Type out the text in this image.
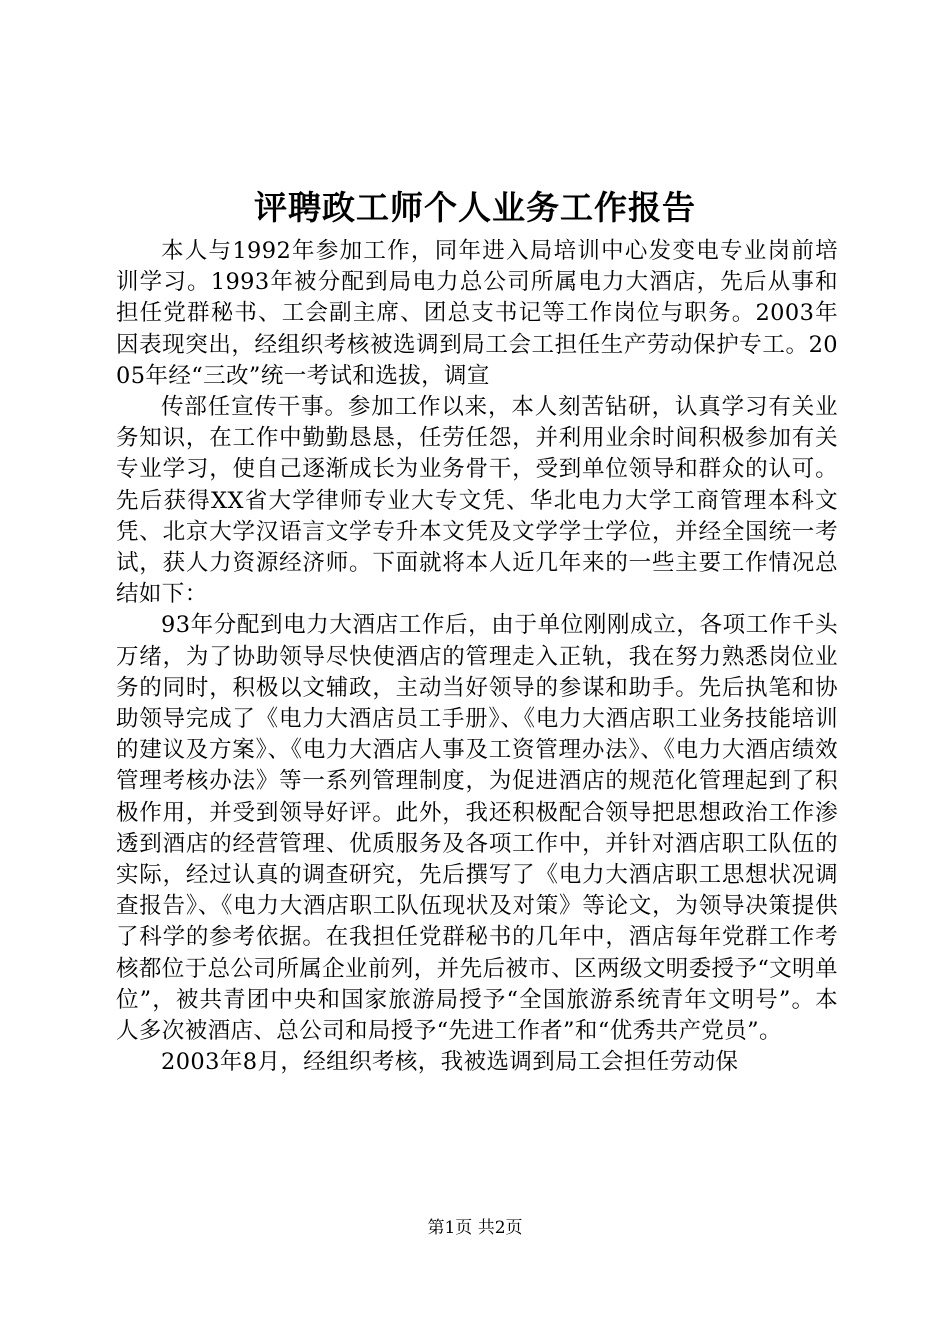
评聘政工师个人业务工作报告

本人与1992年参加工作，同年进入局培训中心发变电专业岗前培训学习。1993年被分配到局电力总公司所属电力大酒店，先后从事和担任党群秘书、工会副主席、团总支书记等工作岗位与职务。2003年因表现突出，经组织考核被选调到局工会工担任生产劳动保护专工。2005年经“三改”统一考试和选拔，调宣

传部任宣传干事。参加工作以来，本人刻苦钻研，认真学习有关业务知识，在工作中勤勤恳恳，任劳任怨，并利用业余时间积极参加有关专业学习，使自己逐渐成长为业务骨干，受到单位领导和群众的认可。先后获得XX省大学律师专业大专文凭、华北电力大学工商管理本科文凭、北京大学汉语言文学专升本文凭及文学学士学位，并经全国统一考试，获人力资源经济师。下面就将本人近几年来的一些主要工作情况总结如下：

93年分配到电力大酒店工作后，由于单位刚刚成立，各项工作千头万绪，为了协助领导尽快使酒店的管理走入正轨，我在努力熟悉岗位业务的同时，积极以文辅政，主动当好领导的参谋和助手。先后执笔和协助领导完成了《电力大酒店员工手册》、《电力大酒店职工业务技能培训的建议及方案》、《电力大酒店人事及工资管理办法》、《电力大酒店绩效管理考核办法》等一系列管理制度，为促进酒店的规范化管理起到了积极作用，并受到领导好评。此外，我还积极配合领导把思想政治工作渗透到酒店的经营管理、优质服务及各项工作中，并针对酒店职工队伍的实际，经过认真的调查研究，先后撰写了《电力大酒店职工思想状况调查报告》、《电力大酒店职工队伍现状及对策》等论文，为领导决策提供了科学的参考依据。在我担任党群秘书的几年中，酒店每年党群工作考核都位于总公司所属企业前列，并先后被市、区两级文明委授予“文明单位”，被共青团中央和国家旅游局授予“全国旅游系统青年文明号”。本人多次被酒店、总公司和局授予“先进工作者”和“优秀共产党员”。

2003年8月，经组织考核，我被选调到局工会担任劳动保

第1页 共2页
